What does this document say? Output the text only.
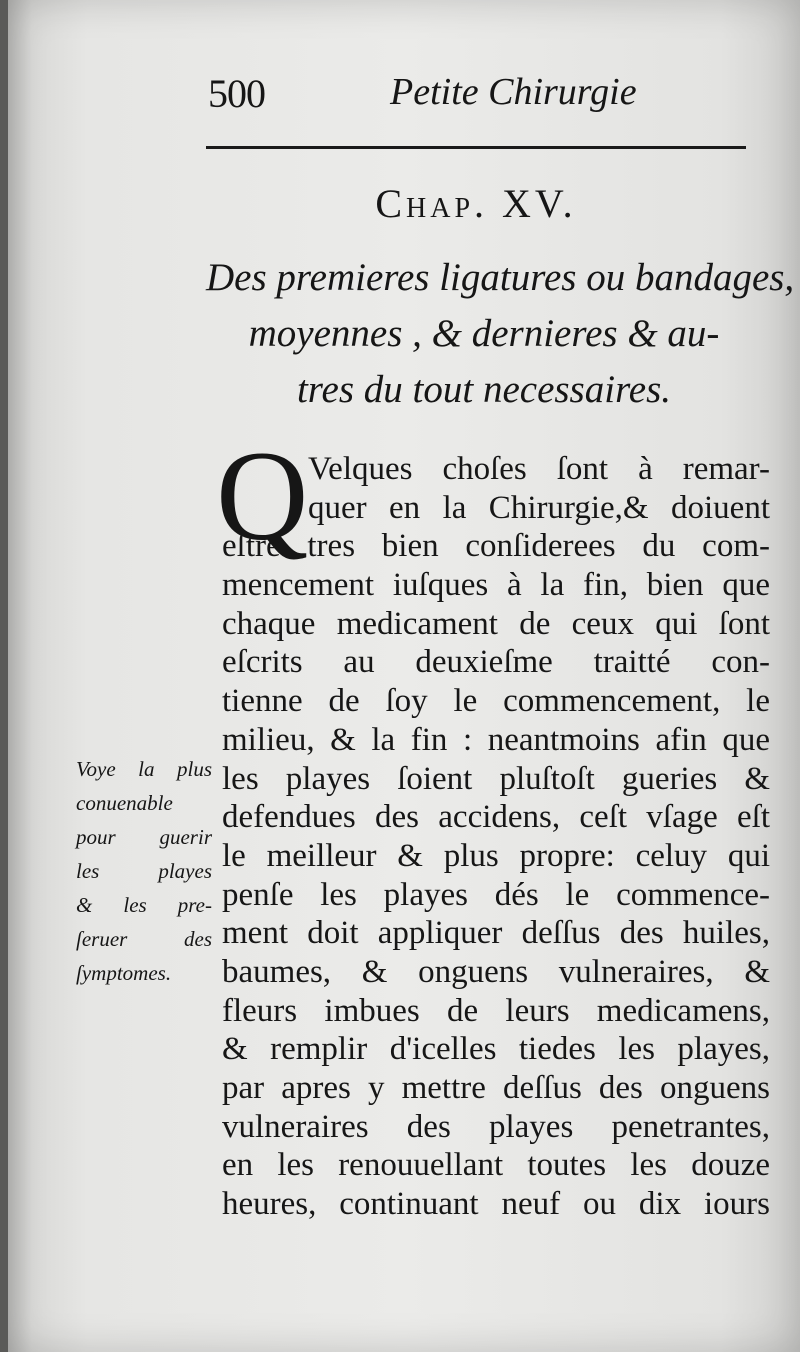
500	Petite Chirurgie
Chap. XV.
Des premieres ligatures ou bandages,
moyennes , & dernieres & au-
tres du tout necessaires.
Q Velques choſes ſont à remar-
quer en la Chirurgie,& doiuent
eſtre tres bien conſiderees du com-
mencement iuſques à la fin, bien que
chaque medicament de ceux qui ſont
eſcrits au deuxieſme traitté con-
tienne de ſoy le commencement, le
milieu, & la fin : neantmoins afin que
les playes ſoient pluſtoſt gueries &
defendues des accidens, ceſt vſage eſt
le meilleur & plus propre: celuy qui
penſe les playes dés le commence-
ment doit appliquer deſſus des huiles,
baumes, & onguens vulneraires, &
fleurs imbues de leurs medicamens,
& remplir d'icelles tiedes les playes,
par apres y mettre deſſus des onguens
vulneraires des playes penetrantes,
en les renouuellant toutes les douze
heures, continuant neuf ou dix iours
Voye la plus
conuenable
pour guerir
les playes
& les pre-
ſeruer des
ſymptomes.
